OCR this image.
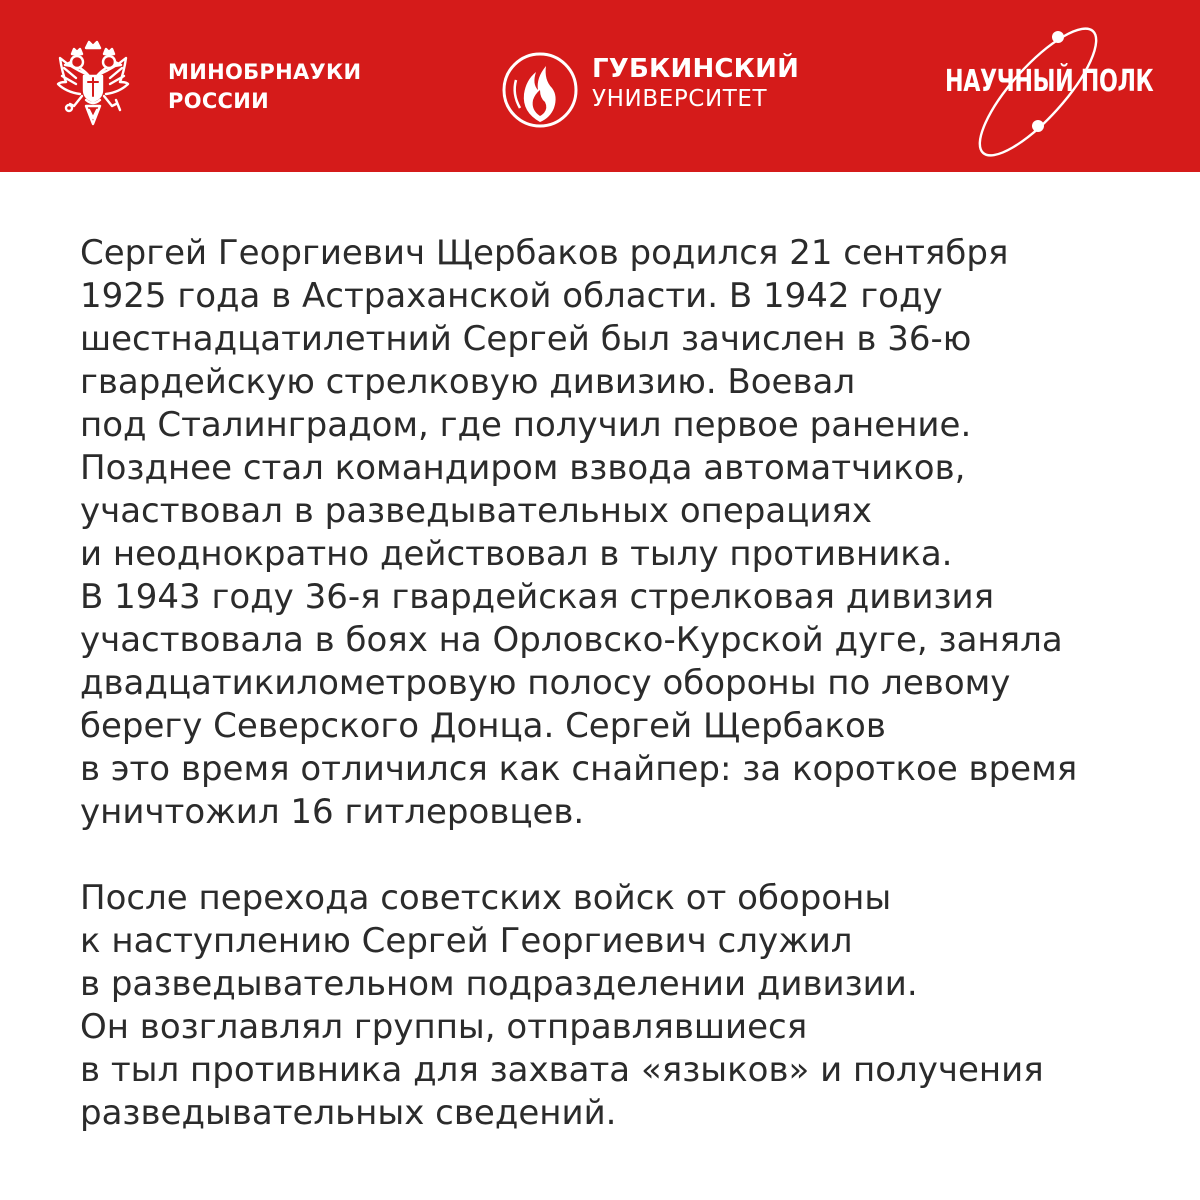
МИНОБРНАУКИ
РОССИИ
ГУБКИНСКИЙ
УНИВЕРСИТЕТ	НАУЧНЫЙ ПОЛК
Сергей Георгиевич Щербаков родился 21 сентября
1925 года в Астраханской области. В 1942 году
шестнадцатилетний Сергей был зачислен в 36-ю
гвардейскую стрелковую дивизию. Воевал
под Сталинградом, где получил первое ранение.
Позднее стал командиром взвода автоматчиков,
участвовал в разведывательных операциях
и неоднократно действовал в тылу противника.
В 1943 году 36-я гвардейская стрелковая дивизия
участвовала в боях на Орловско-Курской дуге, заняла
двадцатикилометровую полосу обороны по левому
берегу Северского Донца. Сергей Щербаков
в это время отличился как снайпер: за короткое время
уничтожил 16 гитлеровцев.
После перехода советских войск от обороны
к наступлению Сергей Георгиевич служил
в разведывательном подразделении дивизии.
Он возглавлял группы, отправлявшиеся
в тыл противника для захвата «языков» и получения
разведывательных сведений.
